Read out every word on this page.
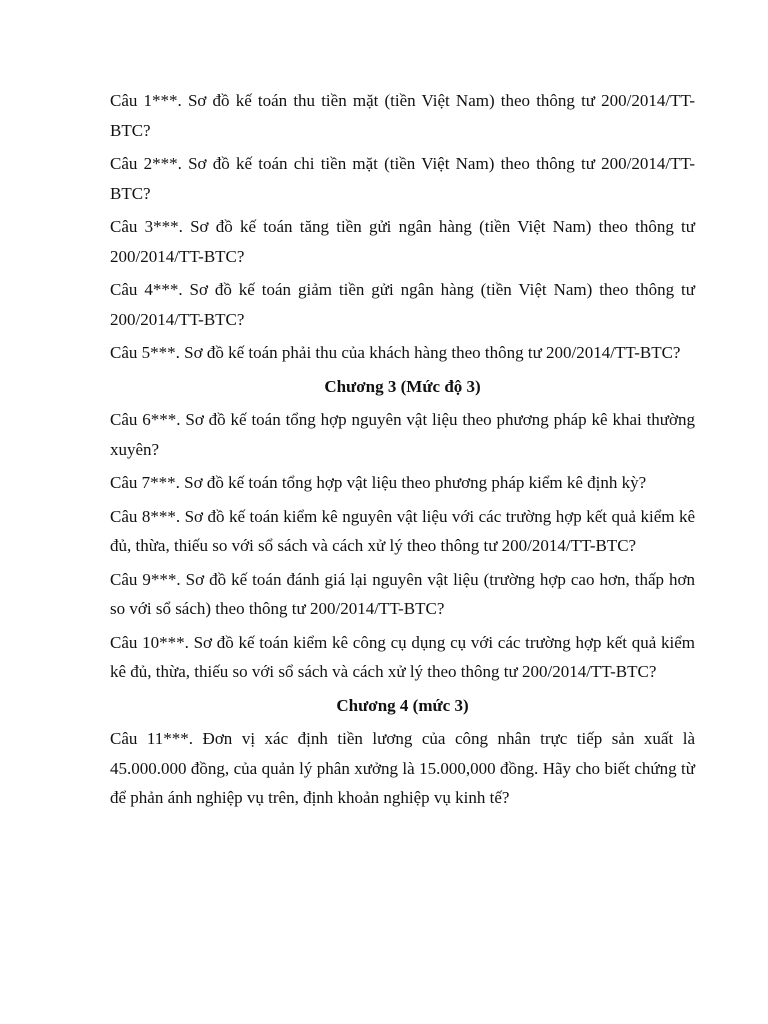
Câu 1***. Sơ đồ kế toán thu tiền mặt (tiền Việt Nam) theo thông tư 200/2014/TT-BTC?

Câu 2***. Sơ đồ kế toán chi tiền mặt (tiền Việt Nam) theo thông tư 200/2014/TT-BTC?

Câu 3***. Sơ đồ kế toán tăng tiền gửi ngân hàng (tiền Việt Nam) theo thông tư 200/2014/TT-BTC?

Câu 4***. Sơ đồ kế toán giảm tiền gửi ngân hàng (tiền Việt Nam) theo thông tư 200/2014/TT-BTC?

Câu 5***. Sơ đồ kế toán phải thu của khách hàng theo thông tư 200/2014/TT-BTC?

Chương 3 (Mức độ 3)

Câu 6***. Sơ đồ kế toán tổng hợp nguyên vật liệu theo phương pháp kê khai thường xuyên?

Câu 7***. Sơ đồ kế toán tổng hợp vật liệu theo phương pháp kiểm kê định kỳ?

Câu 8***. Sơ đồ kế toán kiểm kê nguyên vật liệu với các trường hợp kết quả kiểm kê đủ, thừa, thiếu so với sổ sách và cách xử lý theo thông tư 200/2014/TT-BTC?

Câu 9***. Sơ đồ kế toán đánh giá lại nguyên vật liệu (trường hợp cao hơn, thấp hơn so với sổ sách) theo thông tư 200/2014/TT-BTC?

Câu 10***. Sơ đồ kế toán kiểm kê công cụ dụng cụ với các trường hợp kết quả kiểm kê đủ, thừa, thiếu so với sổ sách và cách xử lý theo thông tư 200/2014/TT-BTC?

Chương 4 (mức 3)

Câu 11***. Đơn vị xác định tiền lương của công nhân trực tiếp sản xuất là 45.000.000 đồng, của quản lý phân xưởng là 15.000,000 đồng. Hãy cho biết chứng từ để phản ánh nghiệp vụ trên, định khoản nghiệp vụ kinh tế?
